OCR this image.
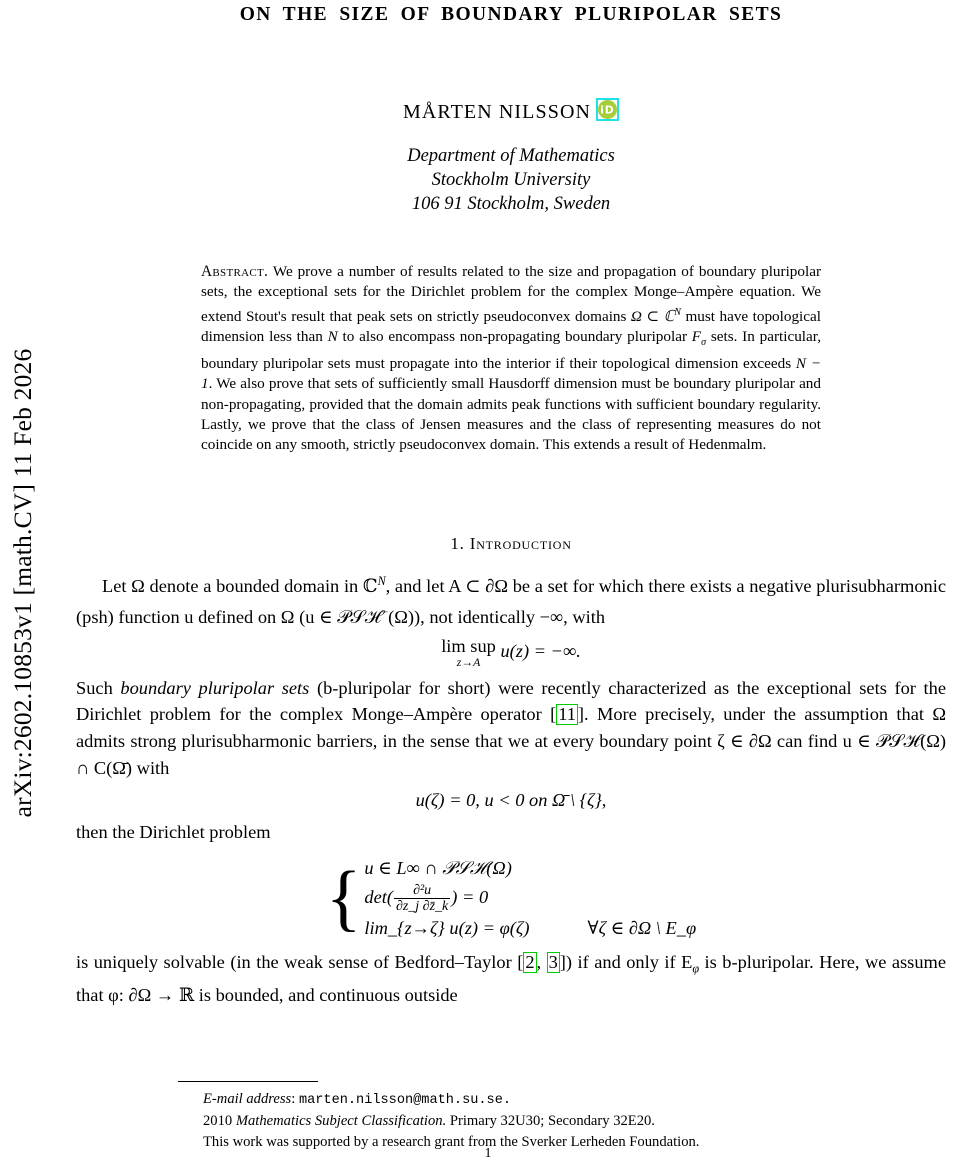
arXiv:2602.10853v1 [math.CV] 11 Feb 2026
ON THE SIZE OF BOUNDARY PLURIPOLAR SETS
MÅRTEN NILSSON iD
Department of Mathematics
Stockholm University
106 91 Stockholm, Sweden
Abstract. We prove a number of results related to the size and propagation of boundary pluripolar sets, the exceptional sets for the Dirichlet problem for the complex Monge–Ampère equation. We extend Stout's result that peak sets on strictly pseudoconvex domains Ω ⊂ ℂ$^N$ must have topological dimension less than N to also encompass non-propagating boundary pluripolar $F_\sigma$ sets. In particular, boundary pluripolar sets must propagate into the interior if their topological dimension exceeds N − 1. We also prove that sets of sufficiently small Hausdorff dimension must be boundary pluripolar and non-propagating, provided that the domain admits peak functions with sufficient boundary regularity. Lastly, we prove that the class of Jensen measures and the class of representing measures do not coincide on any smooth, strictly pseudoconvex domain. This extends a result of Hedenmalm.
1. Introduction

Let Ω denote a bounded domain in ℂ$^N$, and let A ⊂ ∂Ω be a set for which there exists a negative plurisubharmonic (psh) function u defined on Ω (u ∈ 𝒫𝒮ℋ−(Ω)), not identically −∞, with

lim sup
z→A
u(z) = −∞.

Such boundary pluripolar sets (b-pluripolar for short) were recently characterized as the exceptional sets for the Dirichlet problem for the complex Monge–Ampère operator [ 11 ]. More precisely, under the assumption that Ω admits strong plurisubharmonic barriers, in the sense that we at every boundary point ζ ∈ ∂Ω can find u ∈ 𝒫𝒮ℋ(Ω) ∩ C(Ω̄) with

u(ζ) = 0, u < 0 on Ω̄ \ {ζ},

then the Dirichlet problem

{ u ∈ L∞ ∩ 𝒫𝒮ℋ(Ω)
$\det( \frac{\text{∂²u}}{\partial z\_j \partial z̄\_k}$ ) = 0
lim_{z→ζ} u(z) = φ(ζ)	∀ζ ∈ ∂Ω \ E_φ

is uniquely solvable (in the weak sense of Bedford–Taylor [ 2 , 3 ]) if and only if $E_\varphi$ is b-pluripolar. Here, we assume that φ: ∂Ω → ℝ is bounded, and continuous outside

E-mail address: marten.nilsson@math.su.se.
2010 Mathematics Subject Classification. Primary 32U30; Secondary 32E20.
This work was supported by a research grant from the Sverker Lerheden Foundation.
1
